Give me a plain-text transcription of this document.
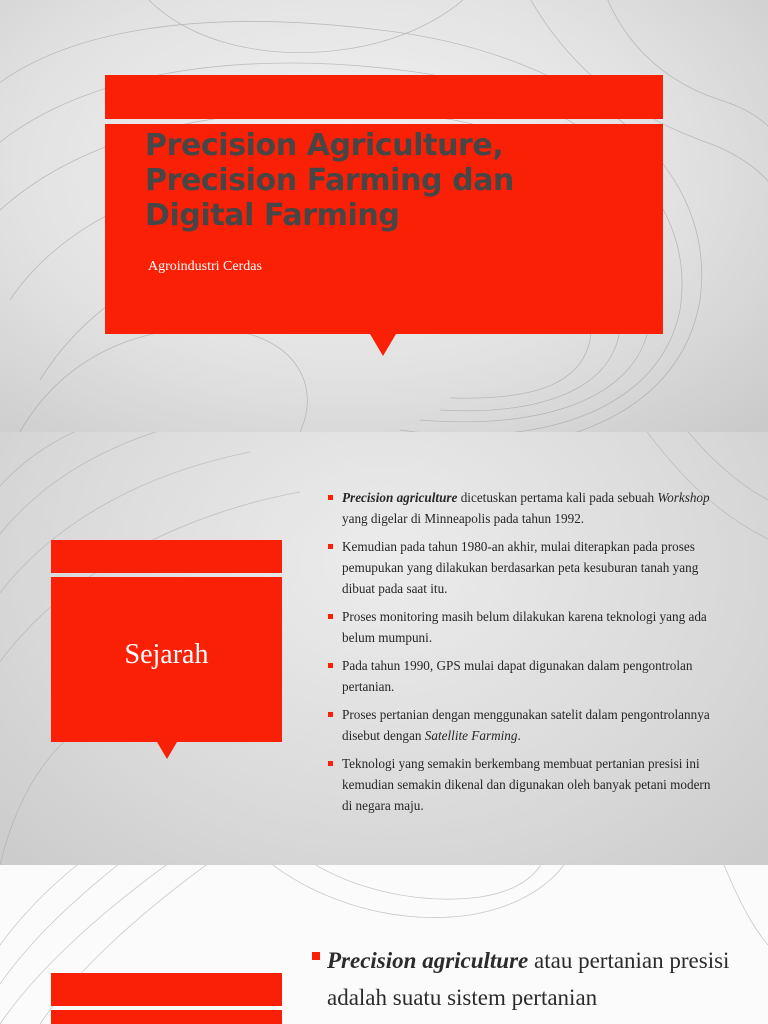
Precision Agriculture,
Precision Farming dan
Digital Farming

Agroindustri Cerdas

Sejarah
Precision agriculture dicetuskan pertama kali pada sebuah Workshop yang digelar di Minneapolis pada tahun 1992.
Kemudian pada tahun 1980-an akhir, mulai diterapkan pada proses pemupukan yang dilakukan berdasarkan peta kesuburan tanah yang dibuat pada saat itu.
Proses monitoring masih belum dilakukan karena teknologi yang ada belum mumpuni.
Pada tahun 1990, GPS mulai dapat digunakan dalam pengontrolan pertanian.
Proses pertanian dengan menggunakan satelit dalam pengontrolannya disebut dengan Satellite Farming.
Teknologi yang semakin berkembang membuat pertanian presisi ini kemudian semakin dikenal dan digunakan oleh banyak petani modern di negara maju.
Precision agriculture atau pertanian presisi adalah suatu sistem pertanian
